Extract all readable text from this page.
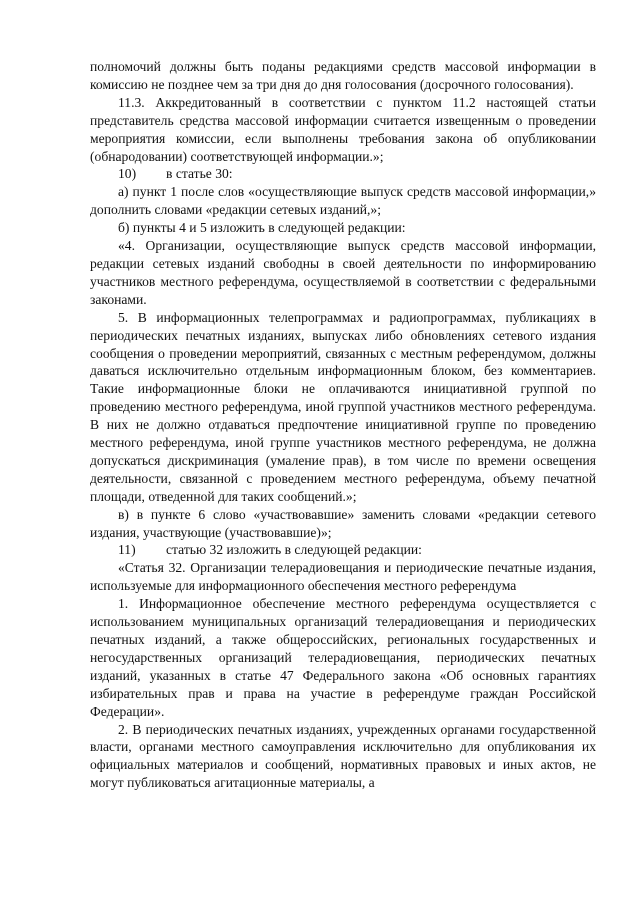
полномочий должны быть поданы редакциями средств массовой информации в комиссию не позднее чем за три дня до дня голосования (досрочного голосования).

11.3. Аккредитованный в соответствии с пунктом 11.2 настоящей статьи представитель средства массовой информации считается извещенным о проведении мероприятия комиссии, если выполнены требования закона об опубликовании (обнародовании) соответствующей информации.»;

10) в статье 30:

а) пункт 1 после слов «осуществляющие выпуск средств массовой информации,» дополнить словами «редакции сетевых изданий,»;

б) пункты 4 и 5 изложить в следующей редакции:

«4. Организации, осуществляющие выпуск средств массовой информации, редакции сетевых изданий свободны в своей деятельности по информированию участников местного референдума, осуществляемой в соответствии с федеральными законами.

5. В информационных телепрограммах и радиопрограммах, публикациях в периодических печатных изданиях, выпусках либо обновлениях сетевого издания сообщения о проведении мероприятий, связанных с местным референдумом, должны даваться исключительно отдельным информационным блоком, без комментариев. Такие информационные блоки не оплачиваются инициативной группой по проведению местного референдума, иной группой участников местного референдума. В них не должно отдаваться предпочтение инициативной группе по проведению местного референдума, иной группе участников местного референдума, не должна допускаться дискриминация (умаление прав), в том числе по времени освещения деятельности, связанной с проведением местного референдума, объему печатной площади, отведенной для таких сообщений.»;

в) в пункте 6 слово «участвовавшие» заменить словами «редакции сетевого издания, участвующие (участвовавшие)»;

11) статью 32 изложить в следующей редакции:

«Статья 32. Организации телерадиовещания и периодические печатные издания, используемые для информационного обеспечения местного референдума

1. Информационное обеспечение местного референдума осуществляется с использованием муниципальных организаций телерадиовещания и периодических печатных изданий, а также общероссийских, региональных государственных и негосударственных организаций телерадиовещания, периодических печатных изданий, указанных в статье 47 Федерального закона «Об основных гарантиях избирательных прав и права на участие в референдуме граждан Российской Федерации».

2. В периодических печатных изданиях, учрежденных органами государственной власти, органами местного самоуправления исключительно для опубликования их официальных материалов и сообщений, нормативных правовых и иных актов, не могут публиковаться агитационные материалы, а
